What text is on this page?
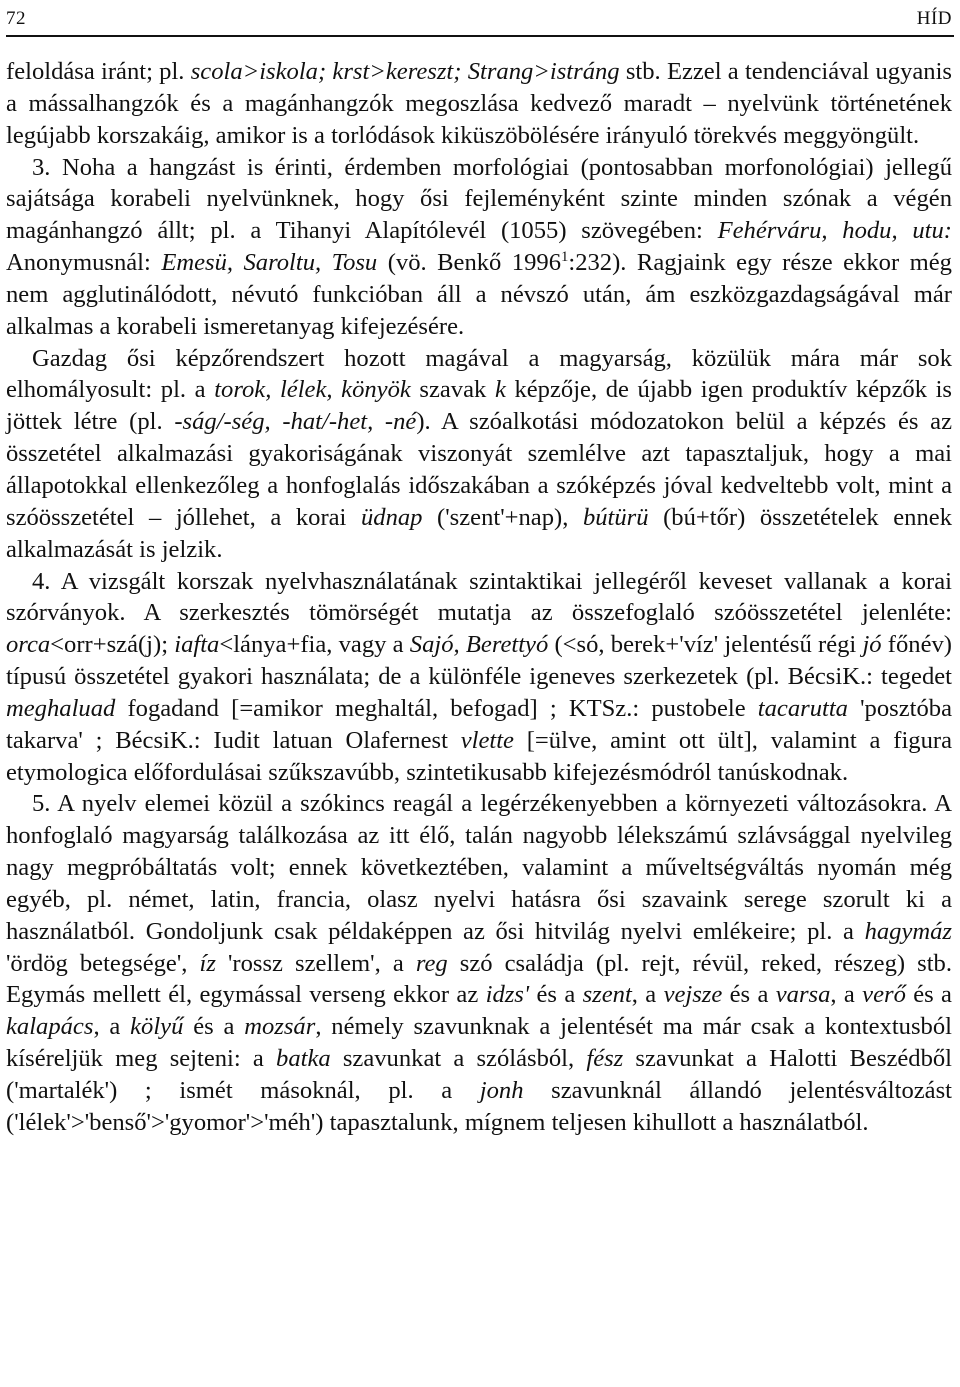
72	HÍD

feloldása iránt; pl. scola>iskola; krst>kereszt; Strang>istráng stb. Ezzel a tendenciával ugyanis a mássalhangzók és a magánhangzók megoszlása kedvező maradt – nyelvünk történetének legújabb korszakáig, amikor is a torlódások kiküszöbölésére irányuló törekvés meggyöngült.

3. Noha a hangzást is érinti, érdemben morfológiai (pontosabban morfonológiai) jellegű sajátsága korabeli nyelvünknek, hogy ősi fejleményként szinte minden szónak a végén magánhangzó állt; pl. a Tihanyi Alapítólevél (1055) szövegében: Fehérváru, hodu, utu: Anonymusnál: Emesü, Saroltu, Tosu (vö. Benkő 1996$^1$:232). Ragjaink egy része ekkor még nem agglutinálódott, névutó funkcióban áll a névszó után, ám eszközgazdagságával már alkalmas a korabeli ismeretanyag kifejezésére.

Gazdag ősi képzőrendszert hozott magával a magyarság, közülük mára már sok elhomályosult: pl. a torok, lélek, könyök szavak k képzője, de újabb igen produktív képzők is jöttek létre (pl. -ság/-ség, -hat/-het, -né). A szóalkotási módozatokon belül a képzés és az összetétel alkalmazási gyakoriságának viszonyát szemlélve azt tapasztaljuk, hogy a mai állapotokkal ellenkezőleg a honfoglalás időszakában a szóképzés jóval kedveltebb volt, mint a szóösszetétel – jóllehet, a korai üdnap ('szent'+nap), bútürü (bú+tőr) összetételek ennek alkalmazását is jelzik.

4. A vizsgált korszak nyelvhasználatának szintaktikai jellegéről keveset vallanak a korai szórványok. A szerkesztés tömörségét mutatja az összefoglaló szóösszetétel jelenléte: orca<orr+szá(j); iafta<lánya+fia, vagy a Sajó, Berettyó (<só, berek+'víz' jelentésű régi jó főnév) típusú összetétel gyakori használata; de a különféle igeneves szerkezetek (pl. BécsiK.: tegedet meghaluad fogadand [=amikor meghaltál, befogad] ; KTSz.: pustobele tacarutta 'posztóba takarva' ; BécsiK.: Iudit latuan Olafernest vlette [=ülve, amint ott ült], valamint a figura etymologica előfordulásai szűkszavúbb, szintetikusabb kifejezésmódról tanúskodnak.

5. A nyelv elemei közül a szókincs reagál a legérzékenyebben a környezeti változásokra. A honfoglaló magyarság találkozása az itt élő, talán nagyobb lélekszámú szlávsággal nyelvileg nagy megpróbáltatás volt; ennek következtében, valamint a műveltségváltás nyomán még egyéb, pl. német, latin, francia, olasz nyelvi hatásra ősi szavaink serege szorult ki a használatból. Gondoljunk csak példaképpen az ősi hitvilág nyelvi emlékeire; pl. a hagymáz 'ördög betegsége', íz 'rossz szellem', a reg szó családja (pl. rejt, révül, reked, részeg) stb. Egymás mellett él, egymással verseng ekkor az idzs' és a szent, a vejsze és a varsa, a verő és a kalapács, a kölyű és a mozsár, némely szavunknak a jelentését ma már csak a kontextusból kíséreljük meg sejteni: a batka szavunkat a szólásból, fész szavunkat a Halotti Beszédből ('martalék') ; ismét másoknál, pl. a jonh szavunknál állandó jelentésváltozást ('lélek'>'benső'>'gyomor'>'méh') tapasztalunk, mígnem teljesen kihullott a használatból.
